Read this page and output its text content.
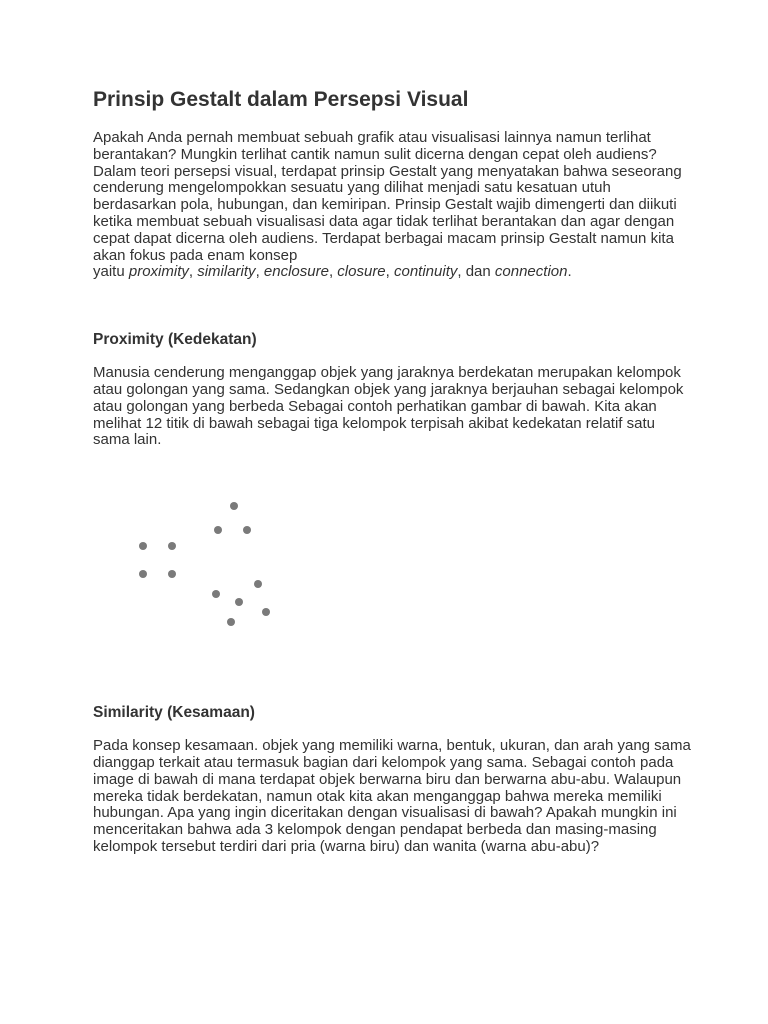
Prinsip Gestalt dalam Persepsi Visual

Apakah Anda pernah membuat sebuah grafik atau visualisasi lainnya namun terlihat berantakan? Mungkin terlihat cantik namun sulit dicerna dengan cepat oleh audiens? Dalam teori persepsi visual, terdapat prinsip Gestalt yang menyatakan bahwa seseorang cenderung mengelompokkan sesuatu yang dilihat menjadi satu kesatuan utuh berdasarkan pola, hubungan, dan kemiripan. Prinsip Gestalt wajib dimengerti dan diikuti ketika membuat sebuah visualisasi data agar tidak terlihat berantakan dan agar dengan cepat dapat dicerna oleh audiens. Terdapat berbagai macam prinsip Gestalt namun kita akan fokus pada enam konsep
yaitu proximity, similarity, enclosure, closure, continuity, dan connection.

Proximity (Kedekatan)

Manusia cenderung menganggap objek yang jaraknya berdekatan merupakan kelompok atau golongan yang sama. Sedangkan objek yang jaraknya berjauhan sebagai kelompok atau golongan yang berbeda Sebagai contoh perhatikan gambar di bawah. Kita akan melihat 12 titik di bawah sebagai tiga kelompok terpisah akibat kedekatan relatif satu sama lain.

Similarity (Kesamaan)

Pada konsep kesamaan. objek yang memiliki warna, bentuk, ukuran, dan arah yang sama dianggap terkait atau termasuk bagian dari kelompok yang sama. Sebagai contoh pada image di bawah di mana terdapat objek berwarna biru dan berwarna abu-abu. Walaupun mereka tidak berdekatan, namun otak kita akan menganggap bahwa mereka memiliki hubungan. Apa yang ingin diceritakan dengan visualisasi di bawah? Apakah mungkin ini menceritakan bahwa ada 3 kelompok dengan pendapat berbeda dan masing-masing kelompok tersebut terdiri dari pria (warna biru) dan wanita (warna abu-abu)?
